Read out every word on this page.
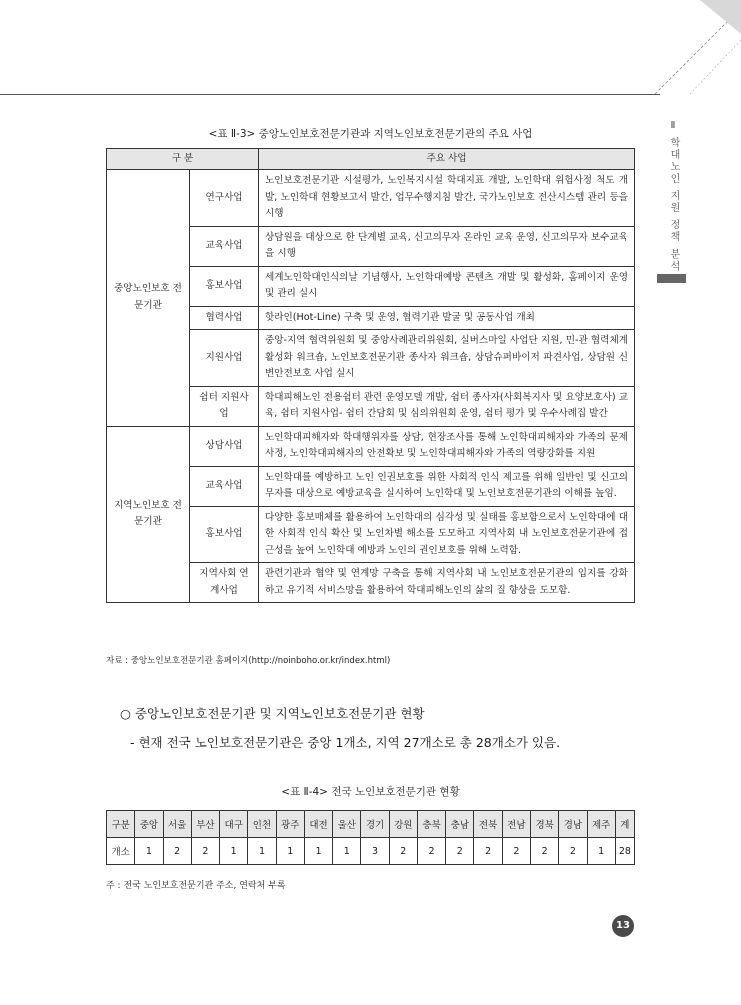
Ⅱ
학대노인 지원 정책 분석
<표 Ⅱ-3> 중앙노인보호전문기관과 지역노인보호전문기관의 주요 사업
구 분		주요 사업
중앙노인보호 전문기관	연구사업	노인보호전문기관 시설평가, 노인복지시설 학대지표 개발, 노인학대 위험사정 척도 개발, 노인학대 현황보고서 발간, 업무수행지침 발간, 국가노인보호 전산시스템 관리 등을 시행
	교육사업	상담원을 대상으로 한 단계별 교육, 신고의무자 온라인 교육 운영, 신고의무자 보수교육을 시행
	홍보사업	세계노인학대인식의날 기념행사, 노인학대예방 콘텐츠 개발 및 활성화, 홈페이지 운영 및 관리 실시
	협력사업	핫라인(Hot-Line) 구축 및 운영, 협력기관 발굴 및 공동사업 개최
	지원사업	중앙-지역 협력위원회 및 중앙사례관리위원회, 실버스마일 사업단 지원, 민-관 협력체계 활성화 워크숍, 노인보호전문기관 종사자 워크숍, 상담슈퍼바이저 파견사업, 상담원 신변안전보호 사업 실시
	쉼터 지원사업	학대피해노인 전용쉼터 관련 운영모델 개발, 쉼터 종사자(사회복지사 및 요양보호사) 교육, 쉼터 지원사업- 쉼터 간담회 및 심의위원회 운영, 쉼터 평가 및 우수사례집 발간
지역노인보호 전문기관	상담사업	노인학대피해자와 학대행위자를 상담, 현장조사를 통해 노인학대피해자와 가족의 문제사정, 노인학대피해자의 안전확보 및 노인학대피해자와 가족의 역량강화를 지원
	교육사업	노인학대를 예방하고 노인 인권보호를 위한 사회적 인식 제고를 위해 일반인 및 신고의무자를 대상으로 예방교육을 실시하여 노인학대 및 노인보호전문기관의 이해를 높임.
	홍보사업	다양한 홍보매체를 활용하여 노인학대의 심각성 및 실태를 홍보함으로서 노인학대에 대한 사회적 인식 확산 및 노인차별 해소를 도모하고 지역사회 내 노인보호전문기관에 접근성을 높여 노인학대 예방과 노인의 권인보호를 위해 노력함.
	지역사회 연계사업	관련기관과 협약 및 연계망 구축을 통해 지역사회 내 노인보호전문기관의 입지를 강화하고 유기적 서비스망을 활용하여 학대피해노인의 삶의 질 향상을 도모함.
자료 : 중앙노인보호전문기관 홈페이지(http://noinboho.or.kr/index.html)
○ 중앙노인보호전문기관 및 지역노인보호전문기관 현황
- 현재 전국 노인보호전문기관은 중앙 1개소, 지역 27개소로 총 28개소가 있음.
<표 Ⅱ-4> 전국 노인보호전문기관 현황
구분	중앙	서울	부산	대구	인천	광주	대전	울산	경기	강원	충북	충남	전북	전남	경북	경남	제주	계
개소	1	2	2	1	1	1	1	1	3	2	2	2	2	2	2	2	1	28
주 : 전국 노인보호전문기관 주소, 연락처 부록
13
